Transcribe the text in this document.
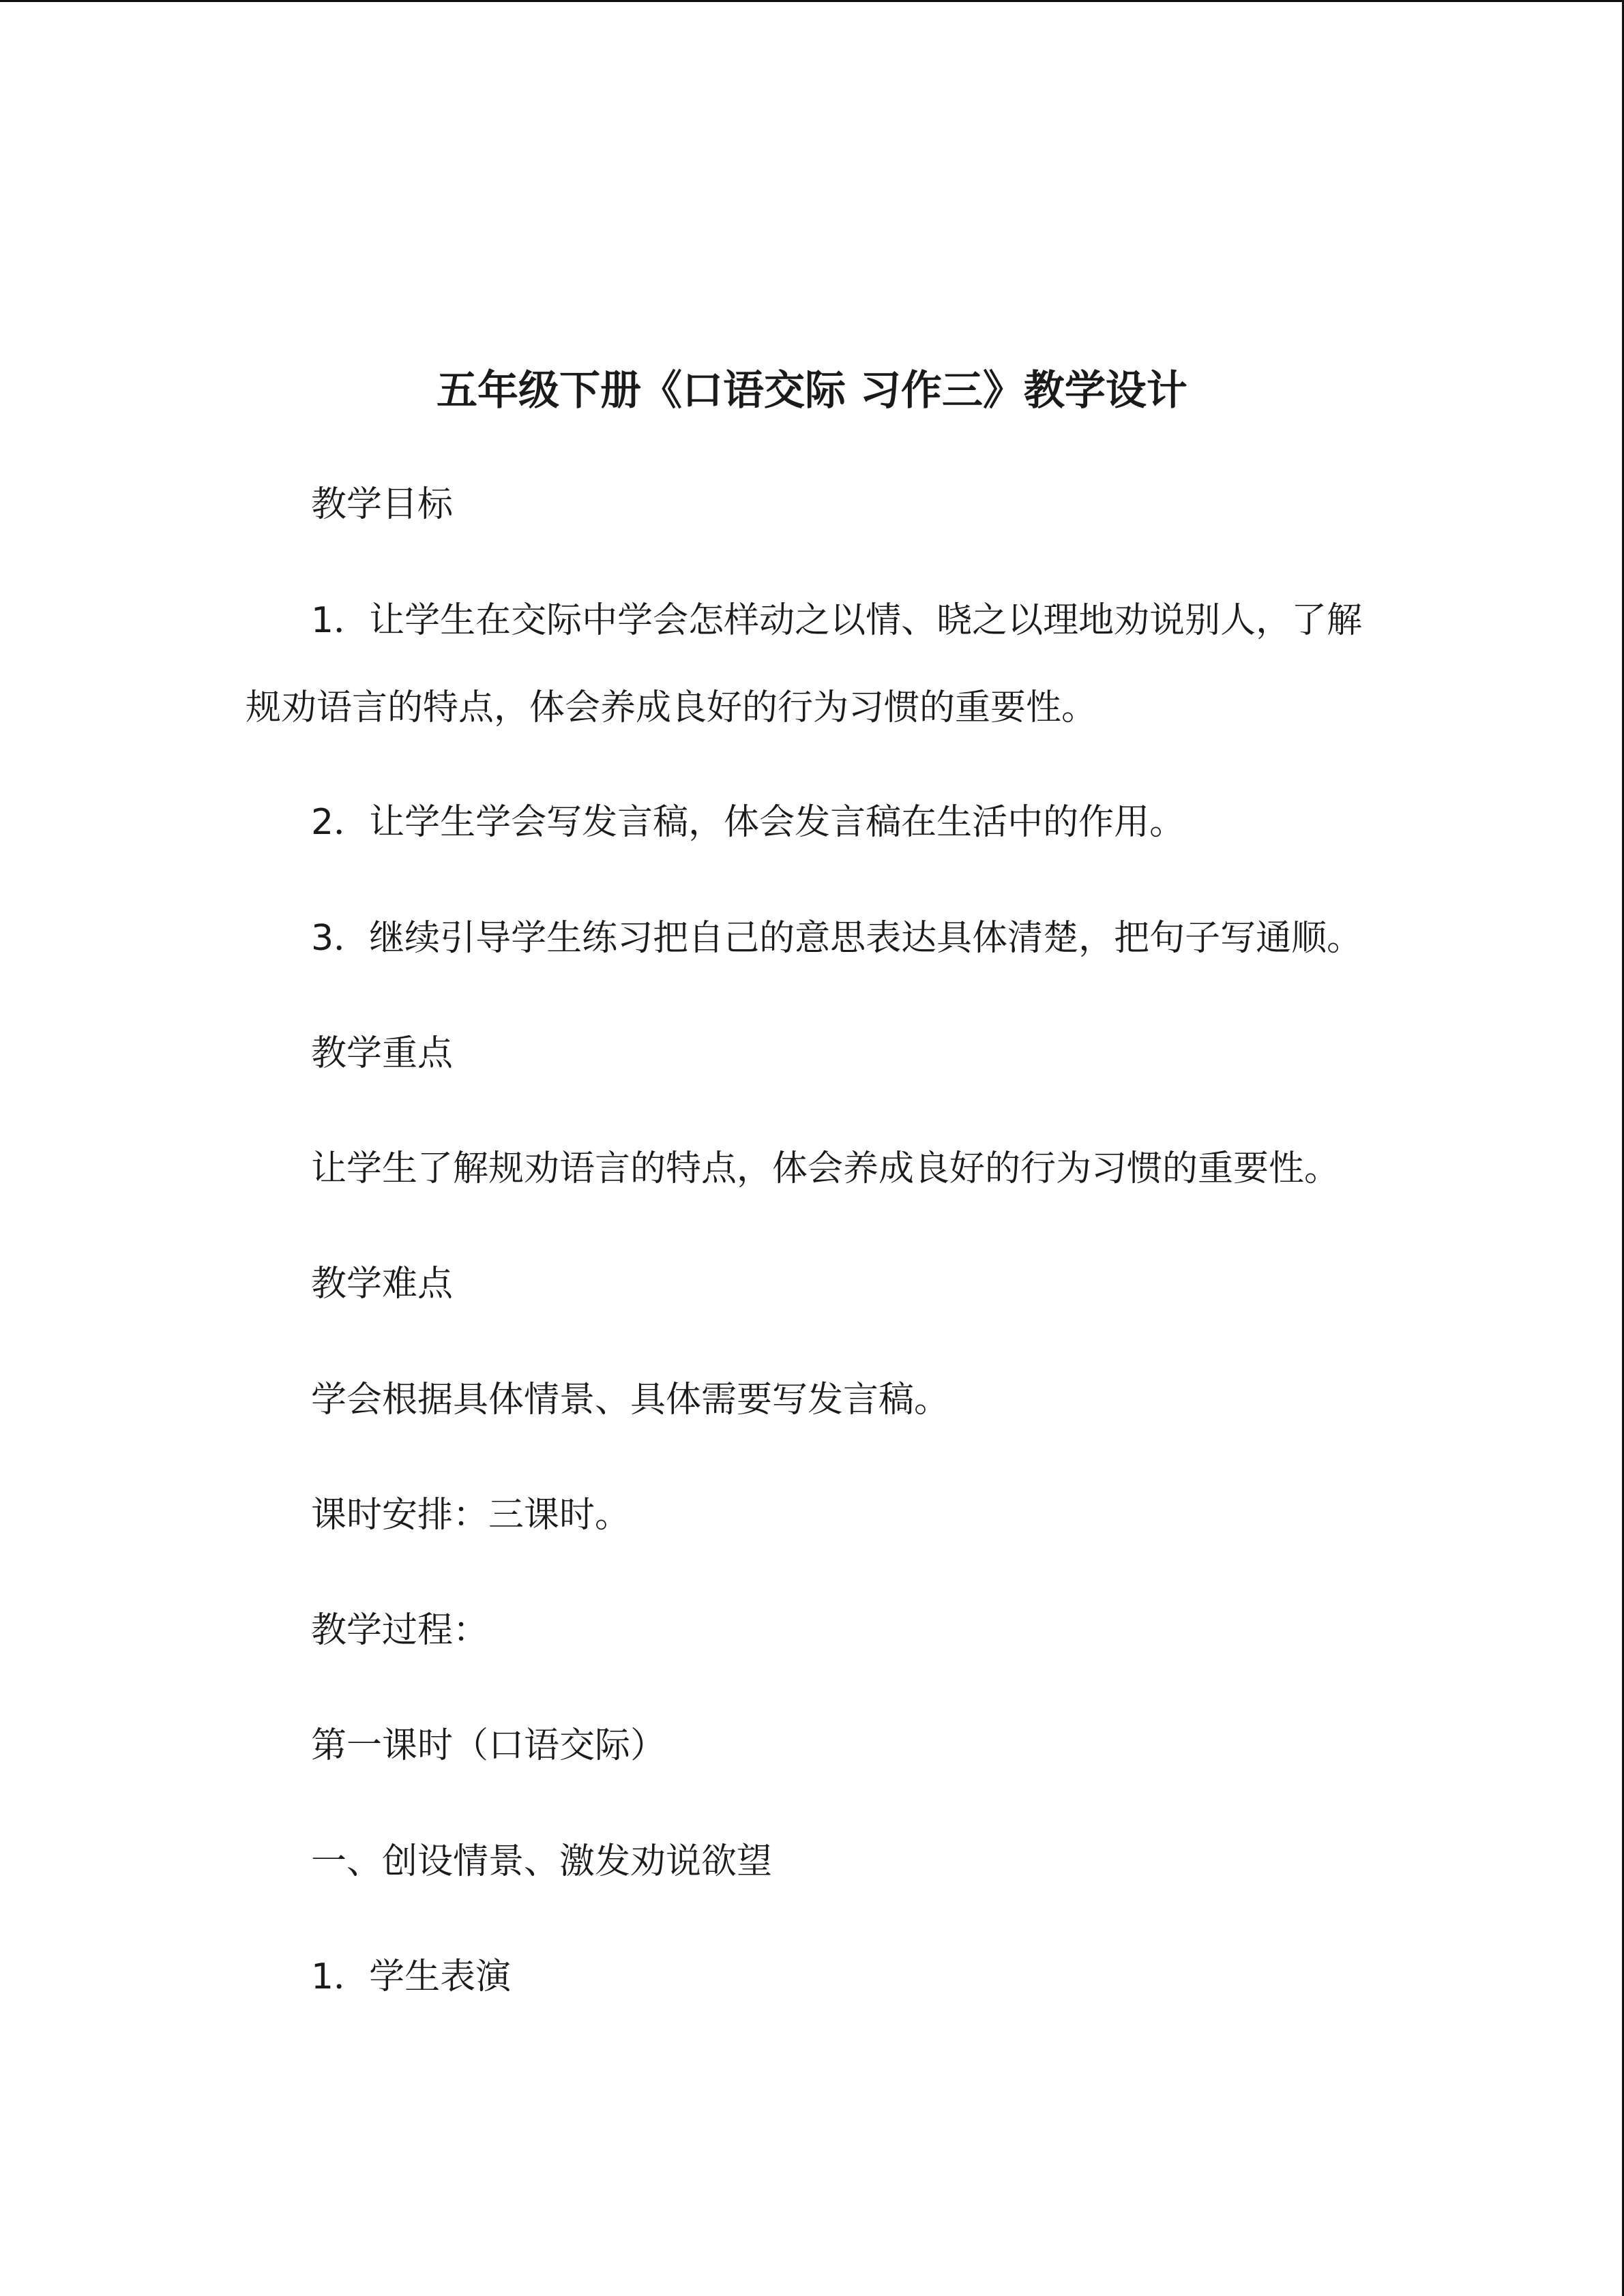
五年级下册《口语交际 习作三》教学设计

教学目标

1．让学生在交际中学会怎样动之以情、晓之以理地劝说别人，了解

规劝语言的特点，体会养成良好的行为习惯的重要性。

2．让学生学会写发言稿，体会发言稿在生活中的作用。

3．继续引导学生练习把自己的意思表达具体清楚，把句子写通顺。

教学重点

让学生了解规劝语言的特点，体会养成良好的行为习惯的重要性。

教学难点

学会根据具体情景、具体需要写发言稿。

课时安排：三课时。

教学过程：

第一课时（口语交际）

一、创设情景、激发劝说欲望

1．学生表演
